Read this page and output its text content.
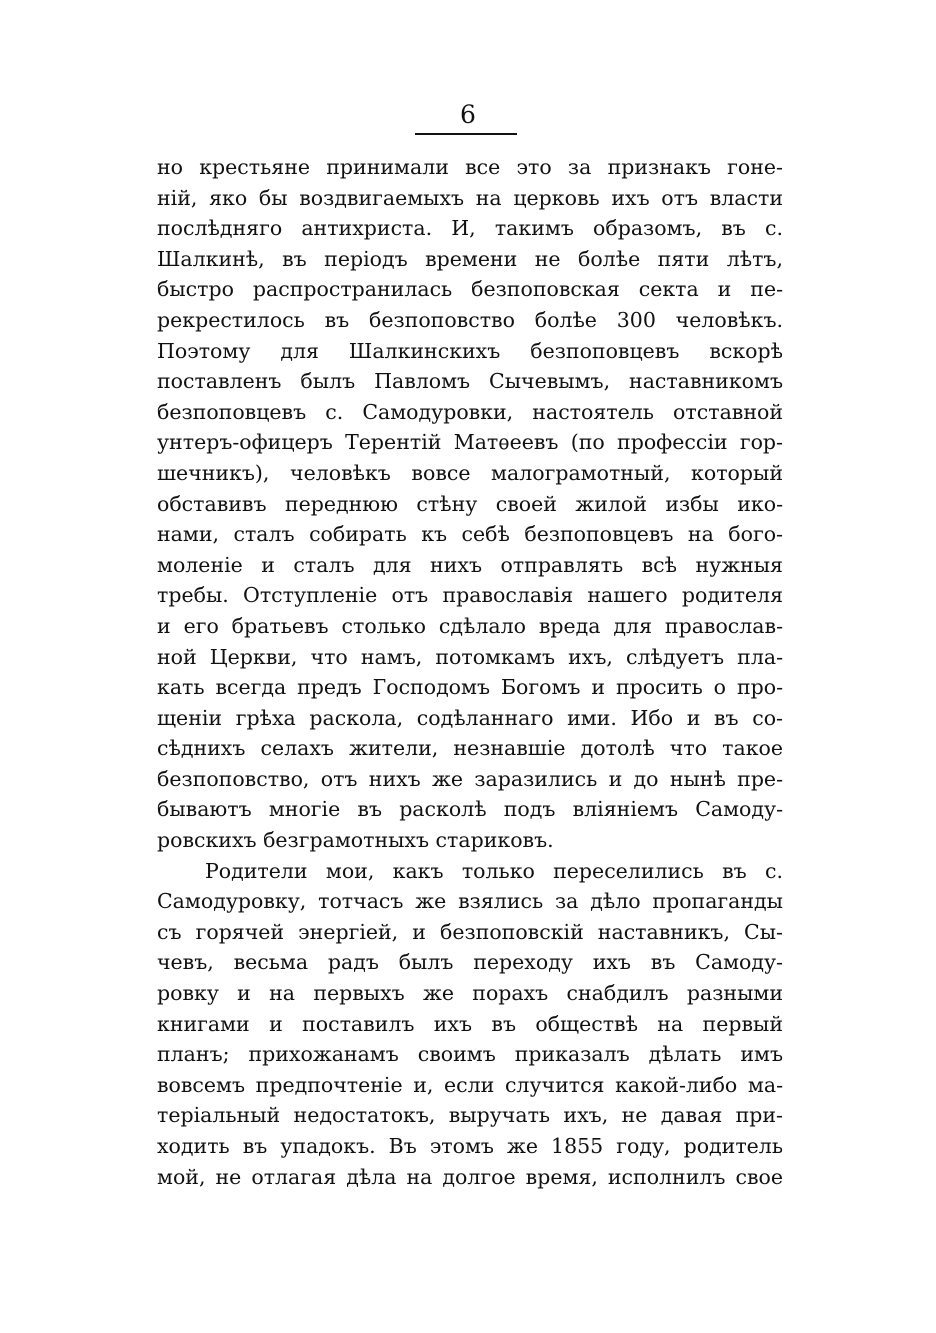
6
но крестьяне принимали все это за признакъ гоне-
ній, яко бы воздвигаемыхъ на церковь ихъ отъ власти
послѣдняго антихриста. И, такимъ образомъ, въ с.
Шалкинѣ, въ періодъ времени не болѣе пяти лѣтъ,
быстро распространилась безпоповская секта и пе-
рекрестилось въ безпоповство болѣе 300 человѣкъ.
Поэтому для Шалкинскихъ безпоповцевъ вскорѣ
поставленъ былъ Павломъ Сычевымъ, наставникомъ
безпоповцевъ с. Самодуровки, настоятель отставной
унтеръ-офицеръ Терентій Матѳеевъ (по профессіи гор-
шечникъ), человѣкъ вовсе малограмотный, который
обставивъ переднюю стѣну своей жилой избы ико-
нами, сталъ собирать къ себѣ безпоповцевъ на бого-
моленіе и сталъ для нихъ отправлять всѣ нужныя
требы. Отступленіе отъ православія нашего родителя
и его братьевъ столько сдѣлало вреда для православ-
ной Церкви, что намъ, потомкамъ ихъ, слѣдуетъ пла-
кать всегда предъ Господомъ Богомъ и просить о про-
щеніи грѣха раскола, содѣланнаго ими. Ибо и въ со-
сѣднихъ селахъ жители, незнавшіе дотолѣ что такое
безпоповство, отъ нихъ же заразились и до нынѣ пре-
бываютъ многіе въ расколѣ подъ вліяніемъ Самоду-
ровскихъ безграмотныхъ стариковъ.
Родители мои, какъ только переселились въ с.
Самодуровку, тотчасъ же взялись за дѣло пропаганды
съ горячей энергіей, и безпоповскій наставникъ, Сы-
чевъ, весьма радъ былъ переходу ихъ въ Самоду-
ровку и на первыхъ же порахъ снабдилъ разными
книгами и поставилъ ихъ въ обществѣ на первый
планъ; прихожанамъ своимъ приказалъ дѣлать имъ
вовсемъ предпочтеніе и, если случится какой-либо ма-
теріальный недостатокъ, выручать ихъ, не давая при-
ходить въ упадокъ. Въ этомъ же 1855 году, родитель
мой, не отлагая дѣла на долгое время, исполнилъ свое
